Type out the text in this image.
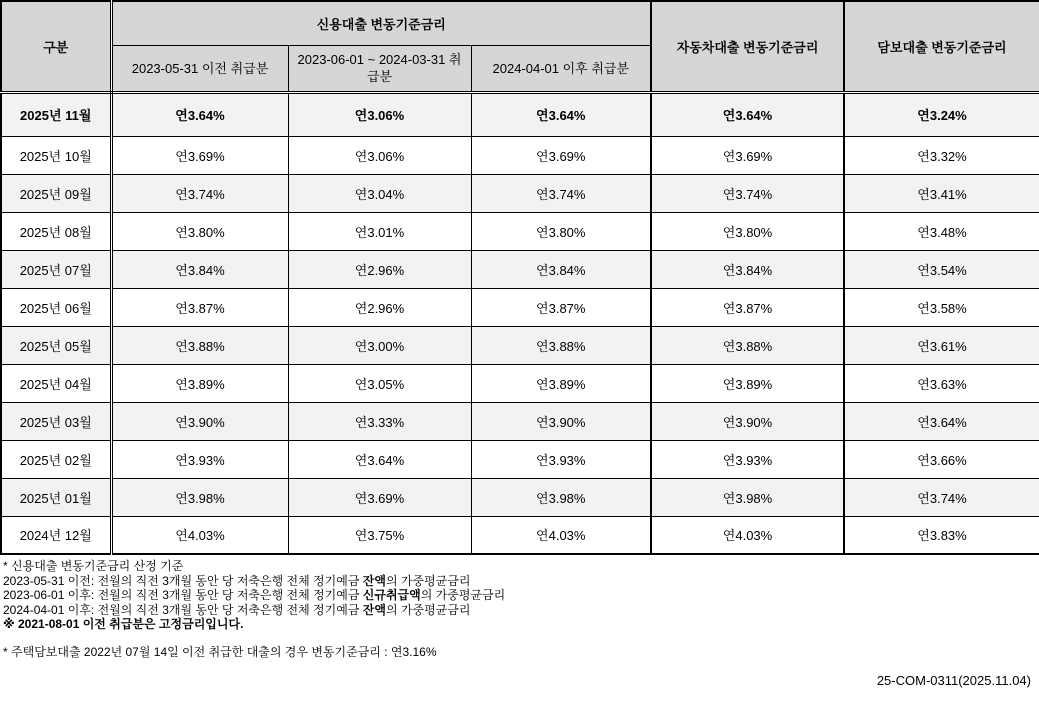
구분	신용대출 변동기준금리			자동차대출 변동기준금리	담보대출 변동기준금리
	2023-05-31 이전 취급분	2023-06-01 ~ 2024-03-31 취급분	2024-04-01 이후 취급분		
2025년 11월	연3.64%	연3.06%	연3.64%	연3.64%	연3.24%
2025년 10월	연3.69%	연3.06%	연3.69%	연3.69%	연3.32%
2025년 09월	연3.74%	연3.04%	연3.74%	연3.74%	연3.41%
2025년 08월	연3.80%	연3.01%	연3.80%	연3.80%	연3.48%
2025년 07월	연3.84%	연2.96%	연3.84%	연3.84%	연3.54%
2025년 06월	연3.87%	연2.96%	연3.87%	연3.87%	연3.58%
2025년 05월	연3.88%	연3.00%	연3.88%	연3.88%	연3.61%
2025년 04월	연3.89%	연3.05%	연3.89%	연3.89%	연3.63%
2025년 03월	연3.90%	연3.33%	연3.90%	연3.90%	연3.64%
2025년 02월	연3.93%	연3.64%	연3.93%	연3.93%	연3.66%
2025년 01월	연3.98%	연3.69%	연3.98%	연3.98%	연3.74%
2024년 12월	연4.03%	연3.75%	연4.03%	연4.03%	연3.83%
* 신용대출 변동기준금리 산정 기준
2023-05-31 이전: 전월의 직전 3개월 동안 당 저축은행 전체 정기예금 잔액의 가중평균금리
2023-06-01 이후: 전월의 직전 3개월 동안 당 저축은행 전체 정기예금 신규취급액의 가중평균금리
2024-04-01 이후: 전월의 직전 3개월 동안 당 저축은행 전체 정기예금 잔액의 가중평균금리
※ 2021-08-01 이전 취급분은 고정금리입니다.
* 주택담보대출 2022년 07월 14일 이전 취급한 대출의 경우 변동기준금리 : 연3.16%
25-COM-0311(2025.11.04)
